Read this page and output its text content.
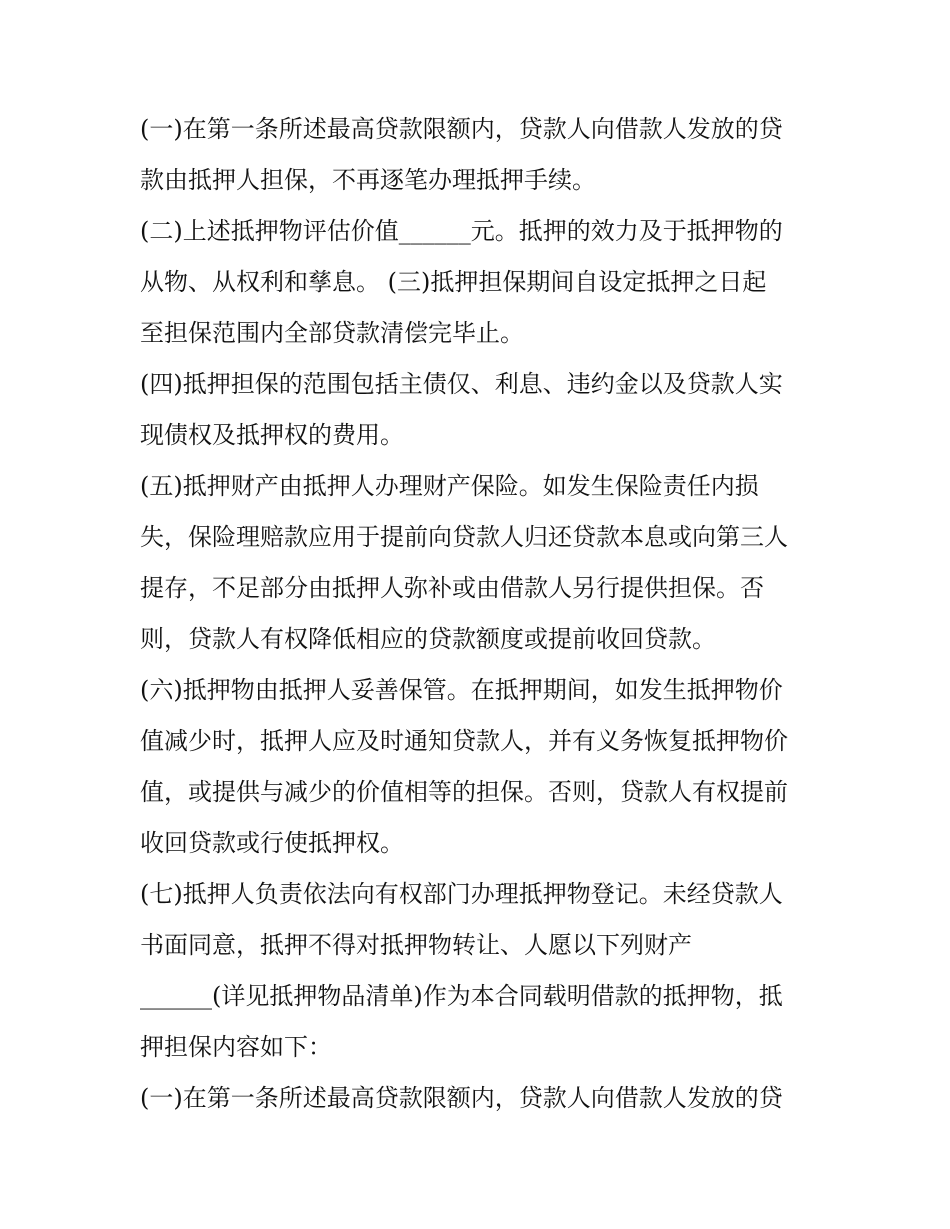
(一)在第一条所述最高贷款限额内，贷款人向借款人发放的贷
款由抵押人担保，不再逐笔办理抵押手续。
(二)上述抵押物评估价值______元。抵押的效力及于抵押物的
从物、从权利和孳息。 (三)抵押担保期间自设定抵押之日起
至担保范围内全部贷款清偿完毕止。
(四)抵押担保的范围包括主债仅、利息、违约金以及贷款人实
现债权及抵押权的费用。
(五)抵押财产由抵押人办理财产保险。如发生保险责任内损
失，保险理赔款应用于提前向贷款人归还贷款本息或向第三人
提存，不足部分由抵押人弥补或由借款人另行提供担保。否
则，贷款人有权降低相应的贷款额度或提前收回贷款。
(六)抵押物由抵押人妥善保管。在抵押期间，如发生抵押物价
值减少时，抵押人应及时通知贷款人，并有义务恢复抵押物价
值，或提供与减少的价值相等的担保。否则，贷款人有权提前
收回贷款或行使抵押权。
(七)抵押人负责依法向有权部门办理抵押物登记。未经贷款人
书面同意，抵押不得对抵押物转让、人愿以下列财产
______(详见抵押物品清单)作为本合同载明借款的抵押物，抵
押担保内容如下：
(一)在第一条所述最高贷款限额内，贷款人向借款人发放的贷
